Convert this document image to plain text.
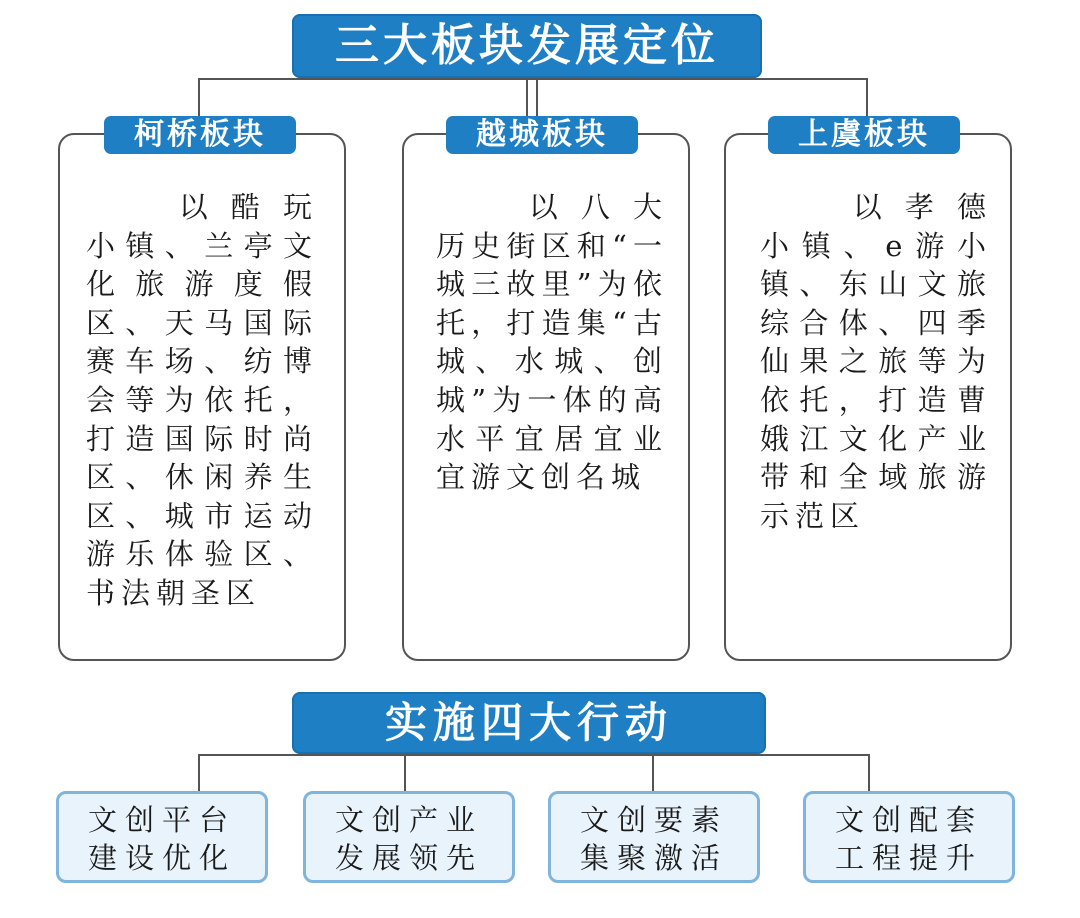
三大板块发展定位
柯桥板块	越城板块	上虞板块

以酷玩小镇、兰亭文化旅游度假区、天马国际赛车场、纺博会等为依托，打造国际时尚区、休闲养生区、城市运动游乐体验区、书法朝圣区

以八大历史街区和“一城三故里”为依托，打造集“古城、水城、创城”为一体的高水平宜居宜业宜游文创名城

以孝德小镇、e游小镇、东山文旅综合体、四季仙果之旅等为依托，打造曹娥江文化产业带和全域旅游示范区

实施四大行动
文创平台
建设优化
文创产业
发展领先
文创要素
集聚激活
文创配套
工程提升
